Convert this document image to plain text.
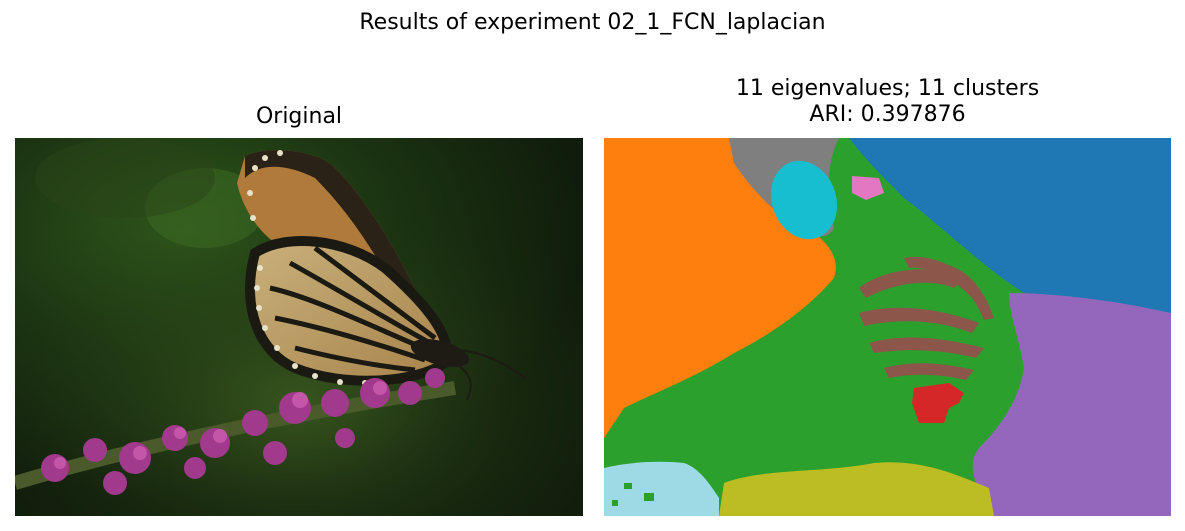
Results of experiment 02_1_FCN_laplacian
Original
11 eigenvalues; 11 clusters
ARI: 0.397876
